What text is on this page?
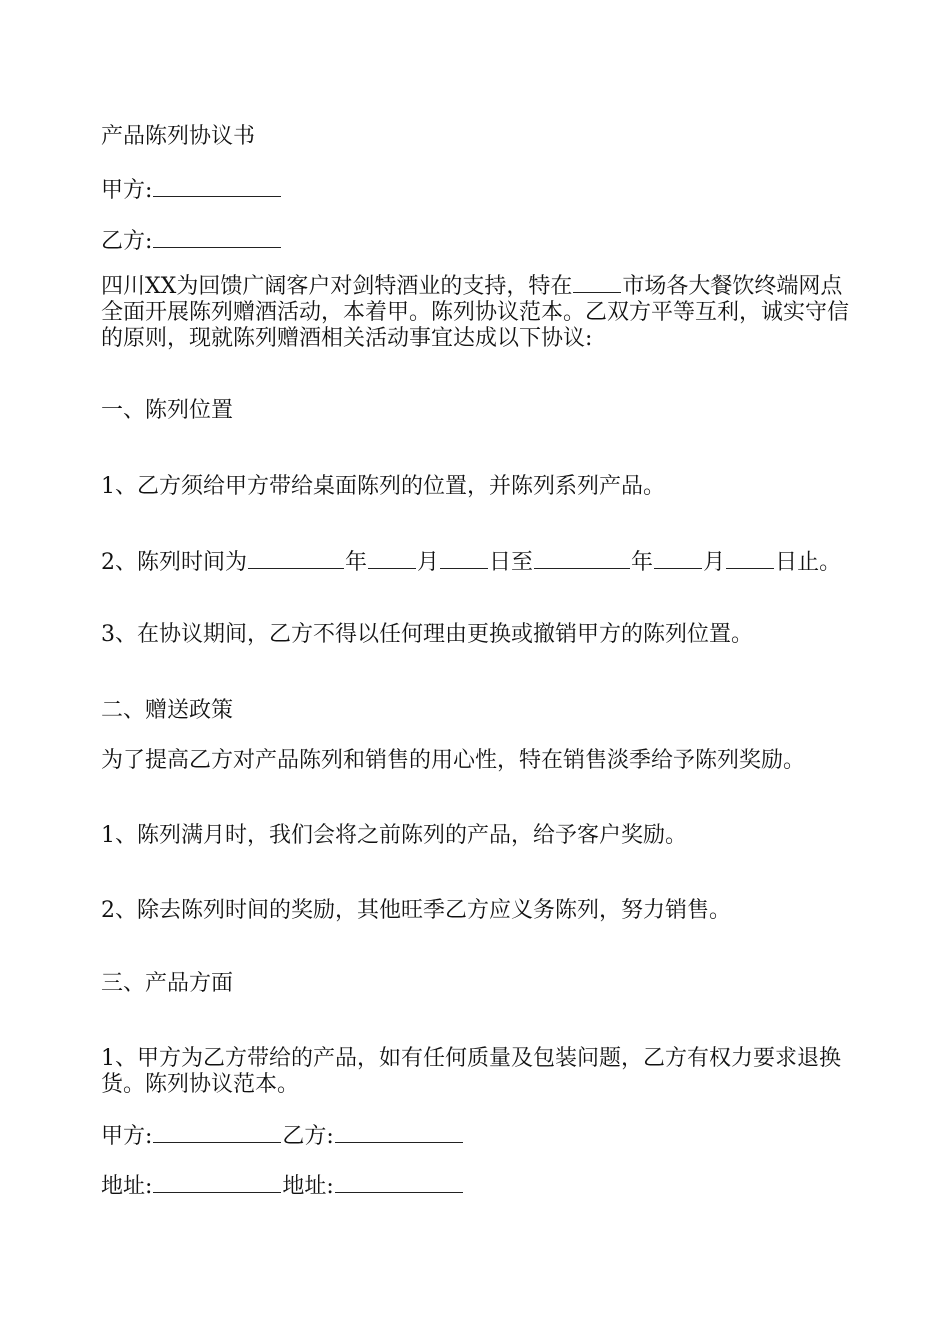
产品陈列协议书
甲方:
乙方:
四川XX为回馈广阔客户对剑特酒业的支持，特在 市场各大餐饮终端网点全面开展陈列赠酒活动，本着甲。陈列协议范本。乙双方平等互利，诚实守信的原则，现就陈列赠酒相关活动事宜达成以下协议:
一、陈列位置
1、乙方须给甲方带给桌面陈列的位置，并陈列系列产品。
2、陈列时间为	年 月 日至	年 月 日止。
3、在协议期间，乙方不得以任何理由更换或撤销甲方的陈列位置。
二、赠送政策
为了提高乙方对产品陈列和销售的用心性，特在销售淡季给予陈列奖励。
1、陈列满月时，我们会将之前陈列的产品，给予客户奖励。
2、除去陈列时间的奖励，其他旺季乙方应义务陈列，努力销售。
三、产品方面
1、甲方为乙方带给的产品，如有任何质量及包装问题，乙方有权力要求退换货。陈列协议范本。
甲方:	乙方:
地址:	地址:
